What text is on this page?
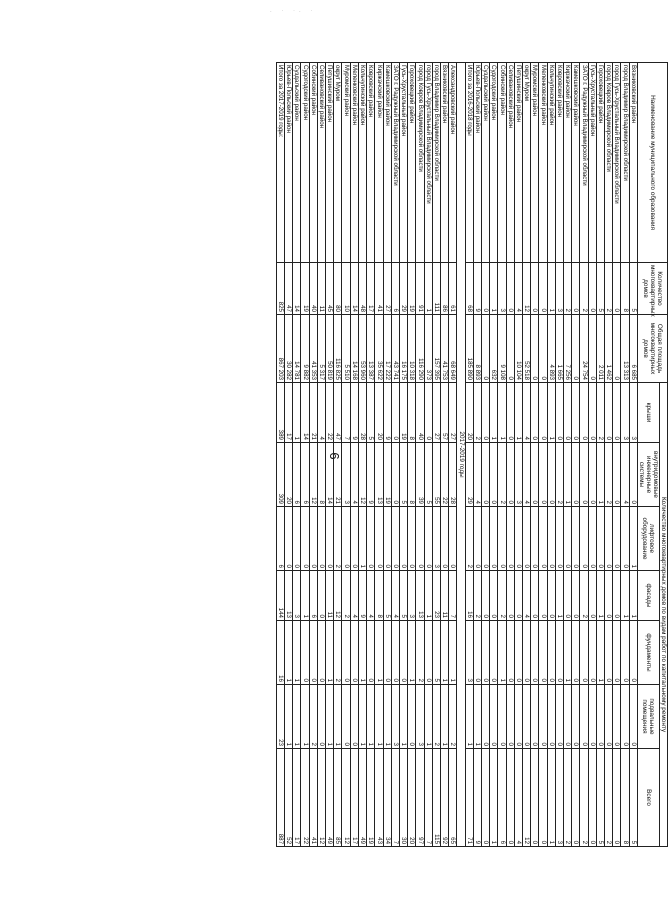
. · ·. ·
6
Наименование муниципального образования	Количество многоквартирных домов	Общая площадь многоквартирных домов	Количество многоквартирных домов по видам работ по капитальному ремонту						
			крыши	внутридомовые инженерные системы	лифтовое оборудование	фасады	фундаменты	подвальные помещения	Всего
Вязниковский район	5	6 685	3	0	1	1	0	0	5
город Владимир Владимирской области	8	13 313	3	4	0	1	0	0	8
город Гусь-Хрустальный Владимирской области	0	0	0	0	0	0	0	0	0
город Ковров Владимирской области	2	1 462	0	2	0	0	0	0	2
Гороховецкий район	5	2 011	2	1	0	1	1	0	5
Гусь-Хрустальный район	0	0	0	0	0	0	0	0	0
ЗАТО г. Радужный Владимирской области	2	24 754	0	0	0	2	0	0	2
Камешковский район	0	0	0	0	0	0	0	0	0
Киржачский район	2	7 256	0	1	0	0	1	0	2
Ковровский район	3	1 665	0	2	0	1	0	0	3
Кольчугинский район	1	4 893	1	0	0	0	0	0	1
Меленковский район	0	0	0	0	0	0	0	0	0
Муромский район	0	0	0	0	0	0	0	0	0
округ Муром	12	52 518	4	4	0	4	0	0	12
Петушинский район	4	10 104	1	3	0	0	0	0	4
Селивановский район	0	0	0	0	0	0	0	0	0
Собинский район	3	9 108	1	2	0	2	1	0	6
Судогодский район	1	632	1	0	0	0	0	0	1
Суздальский район	0	0	0	0	0	0	0	0	0
Юрьев-Польский район	9	8 893	2	4	0	2	0	1	9
Итого за 2016-2018 годы	68	185 890	20	29	2	16	3	1	71
2017-2019 годы									
Александровский район	61	68 649	27	28	0	7	1	2	65
Вязниковский район	86	41 753	57	22	0	11	1	1	92
город Владимир Владимирской области	111	157 395	27	55	3	23	5	2	115
город Гусь-Хрустальный Владимирской области	1	373	0	5	0	1	0	1	7
город Ковров Владимирской области	91	116 290	40	39	0	13	2	3	97
Гороховецкий район	19	10 318	8	8	0	3	1	0	20
Гусь-Хрустальный район	29	16 175	19	5	0	5	0	1	30
ЗАТО г. Радужный Владимирской области	6	43 741	0	0	0	4	0	3	7
Камешковский район	27	17 222	9	19	0	5	0	1	34
Киржачский район	41	35 622	20	13	0	8	1	1	43
Ковровский район	17	13 387	5	9	0	4	0	1	19
Кольчугинский район	48	53 960	28	12	1	9	1	1	49
Меленковский район	14	14 168	9	4	0	4	0	0	17
Муромский район	10	5 510	7	3	0	2	0	0	12
округ Муром	80	116 825	47	21	2	12	2	1	85
Петушинский район	45	50 819	22	14	0	11	1	1	49
Селивановский район	11	5 317	4	8	0	0	0	0	12
Собинский район	40	41 353	21	12	0	6	0	2	41
Судогодский район	19	9 882	14	6	0	1	0	1	22
Суздальский район	14	14 781	1	6	0	3	1	1	17
Юрьев-Польский район	47	30 282	17	20	0	13	1	1	52
Итого за 2017-2019 годы:	825	867 203	389	309	6	144	16	23	887
